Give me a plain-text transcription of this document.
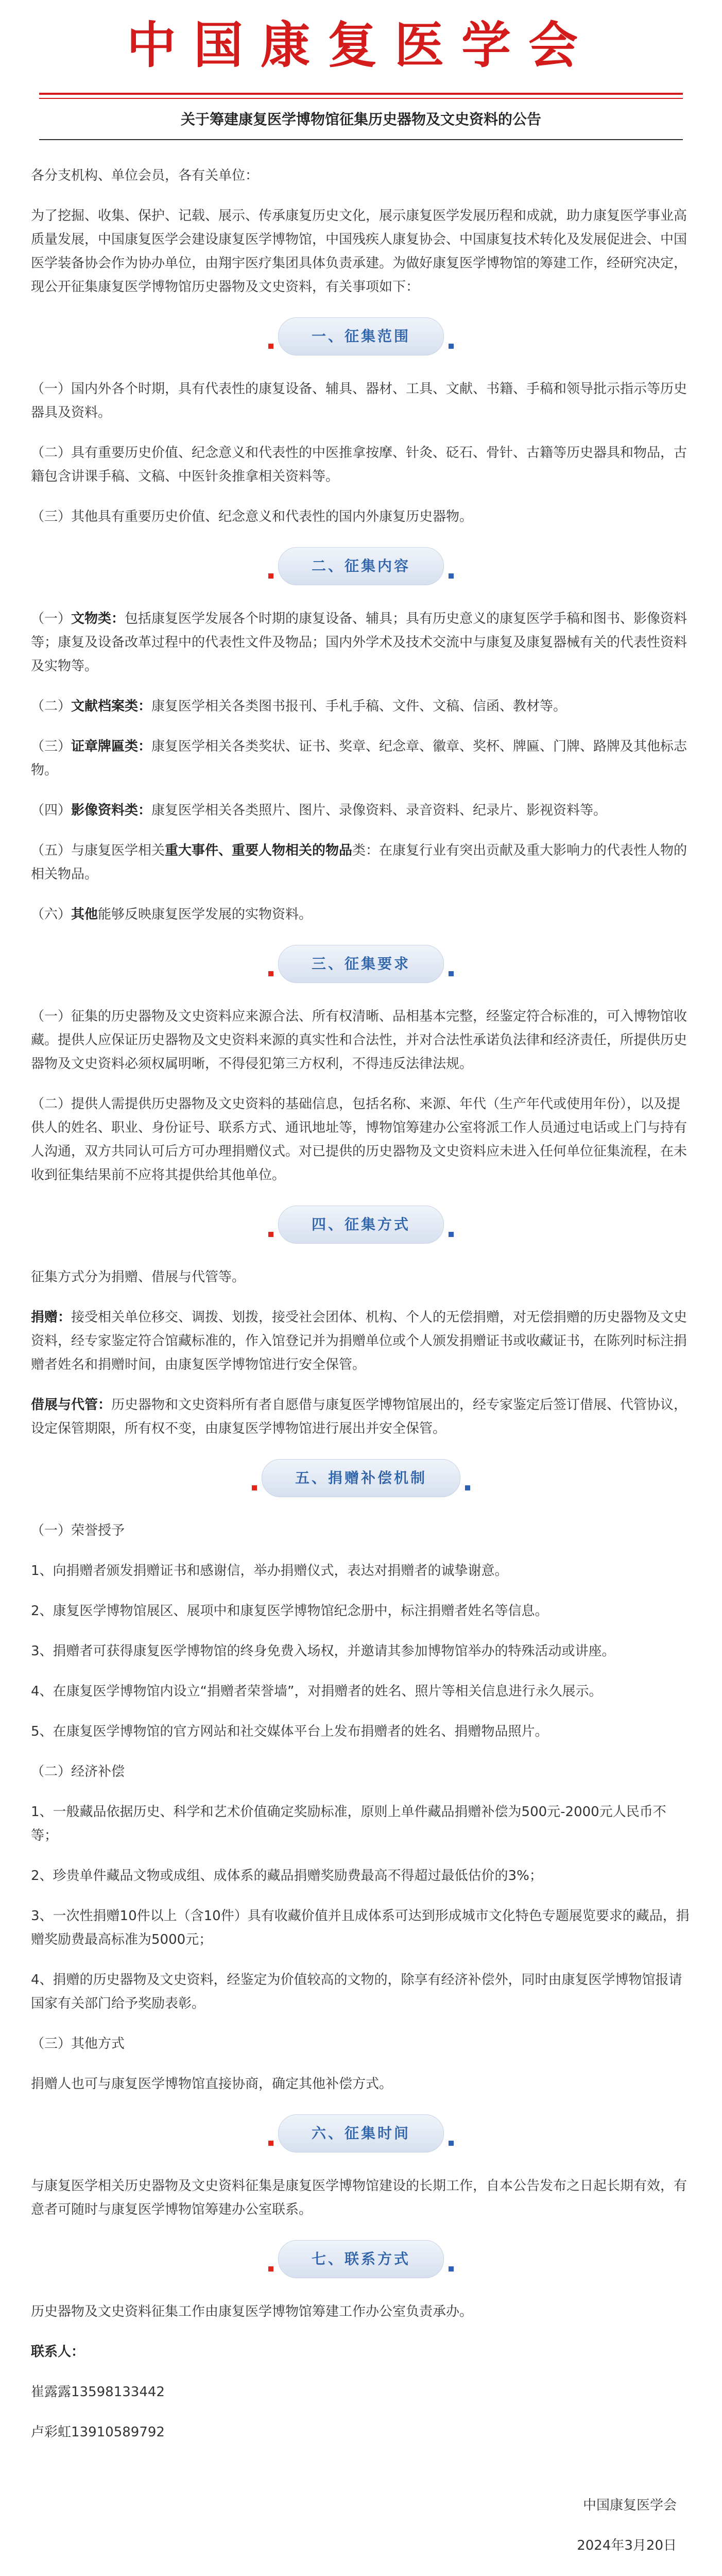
中国康复医学会
关于筹建康复医学博物馆征集历史器物及文史资料的公告

各分支机构、单位会员，各有关单位：

为了挖掘、收集、保护、记载、展示、传承康复历史文化，展示康复医学发展历程和成就，助力康复医学事业高质量发展，中国康复医学会建设康复医学博物馆，中国残疾人康复协会、中国康复技术转化及发展促进会、中国医学装备协会作为协办单位，由翔宇医疗集团具体负责承建。为做好康复医学博物馆的筹建工作，经研究决定，现公开征集康复医学博物馆历史器物及文史资料，有关事项如下：

一、征集范围

（一）国内外各个时期，具有代表性的康复设备、辅具、器材、工具、文献、书籍、手稿和领导批示指示等历史器具及资料。

（二）具有重要历史价值、纪念意义和代表性的中医推拿按摩、针灸、砭石、骨针、古籍等历史器具和物品，古籍包含讲课手稿、文稿、中医针灸推拿相关资料等。

（三）其他具有重要历史价值、纪念意义和代表性的国内外康复历史器物。

二、征集内容

（一）文物类：包括康复医学发展各个时期的康复设备、辅具；具有历史意义的康复医学手稿和图书、影像资料等；康复及设备改革过程中的代表性文件及物品；国内外学术及技术交流中与康复及康复器械有关的代表性资料及实物等。

（二）文献档案类：康复医学相关各类图书报刊、手札手稿、文件、文稿、信函、教材等。

（三）证章牌匾类：康复医学相关各类奖状、证书、奖章、纪念章、徽章、奖杯、牌匾、门牌、路牌及其他标志物。

（四）影像资料类：康复医学相关各类照片、图片、录像资料、录音资料、纪录片、影视资料等。

（五）与康复医学相关重大事件、重要人物相关的物品类：在康复行业有突出贡献及重大影响力的代表性人物的相关物品。

（六）其他能够反映康复医学发展的实物资料。

三、征集要求

（一）征集的历史器物及文史资料应来源合法、所有权清晰、品相基本完整，经鉴定符合标准的，可入博物馆收藏。提供人应保证历史器物及文史资料来源的真实性和合法性，并对合法性承诺负法律和经济责任，所提供历史器物及文史资料必须权属明晰，不得侵犯第三方权利，不得违反法律法规。

（二）提供人需提供历史器物及文史资料的基础信息，包括名称、来源、年代（生产年代或使用年份），以及提供人的姓名、职业、身份证号、联系方式、通讯地址等，博物馆筹建办公室将派工作人员通过电话或上门与持有人沟通，双方共同认可后方可办理捐赠仪式。对已提供的历史器物及文史资料应未进入任何单位征集流程，在未收到征集结果前不应将其提供给其他单位。

四、征集方式

征集方式分为捐赠、借展与代管等。

捐赠：接受相关单位移交、调拨、划拨，接受社会团体、机构、个人的无偿捐赠，对无偿捐赠的历史器物及文史资料，经专家鉴定符合馆藏标准的，作入馆登记并为捐赠单位或个人颁发捐赠证书或收藏证书，在陈列时标注捐赠者姓名和捐赠时间，由康复医学博物馆进行安全保管。

借展与代管：历史器物和文史资料所有者自愿借与康复医学博物馆展出的，经专家鉴定后签订借展、代管协议，设定保管期限，所有权不变，由康复医学博物馆进行展出并安全保管。

五、捐赠补偿机制

（一）荣誉授予

1、向捐赠者颁发捐赠证书和感谢信，举办捐赠仪式，表达对捐赠者的诚挚谢意。

2、康复医学博物馆展区、展项中和康复医学博物馆纪念册中，标注捐赠者姓名等信息。

3、捐赠者可获得康复医学博物馆的终身免费入场权，并邀请其参加博物馆举办的特殊活动或讲座。

4、在康复医学博物馆内设立“捐赠者荣誉墙”，对捐赠者的姓名、照片等相关信息进行永久展示。

5、在康复医学博物馆的官方网站和社交媒体平台上发布捐赠者的姓名、捐赠物品照片。

（二）经济补偿

1、一般藏品依据历史、科学和艺术价值确定奖励标准，原则上单件藏品捐赠补偿为500元-2000元人民币不等；

2、珍贵单件藏品文物或成组、成体系的藏品捐赠奖励费最高不得超过最低估价的3%；

3、一次性捐赠10件以上（含10件）具有收藏价值并且成体系可达到形成城市文化特色专题展览要求的藏品，捐赠奖励费最高标准为5000元；

4、捐赠的历史器物及文史资料，经鉴定为价值较高的文物的，除享有经济补偿外，同时由康复医学博物馆报请国家有关部门给予奖励表彰。

（三）其他方式

捐赠人也可与康复医学博物馆直接协商，确定其他补偿方式。

六、征集时间

与康复医学相关历史器物及文史资料征集是康复医学博物馆建设的长期工作，自本公告发布之日起长期有效，有意者可随时与康复医学博物馆筹建办公室联系。

七、联系方式

历史器物及文史资料征集工作由康复医学博物馆筹建工作办公室负责承办。

联系人：

崔露露13598133442

卢彩虹13910589792

中国康复医学会

2024年3月20日
